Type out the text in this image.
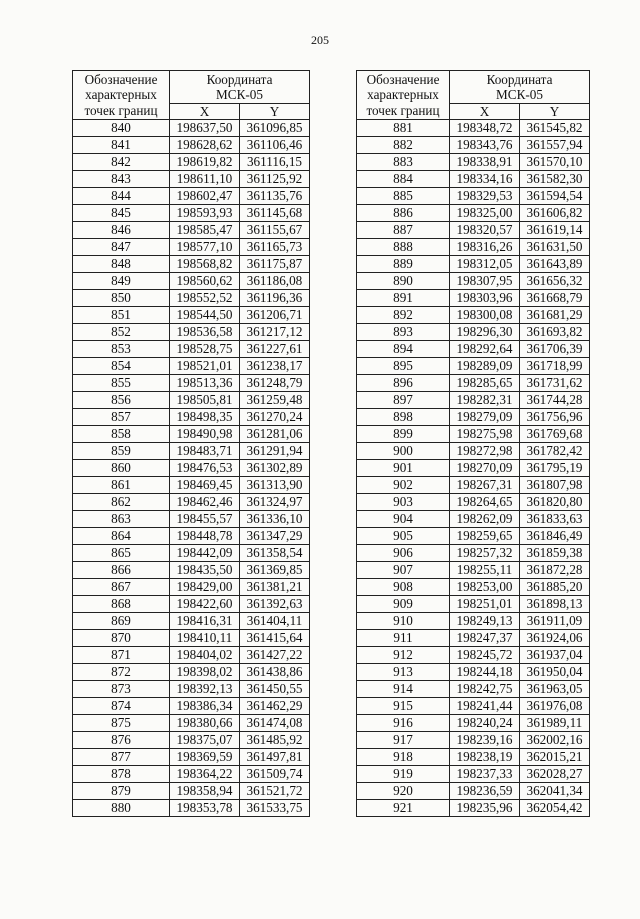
205
Обозначение
характерных
точек границ	Координата
МСК-05	
	X	Y
840	198637,50	361096,85
841	198628,62	361106,46
842	198619,82	361116,15
843	198611,10	361125,92
844	198602,47	361135,76
845	198593,93	361145,68
846	198585,47	361155,67
847	198577,10	361165,73
848	198568,82	361175,87
849	198560,62	361186,08
850	198552,52	361196,36
851	198544,50	361206,71
852	198536,58	361217,12
853	198528,75	361227,61
854	198521,01	361238,17
855	198513,36	361248,79
856	198505,81	361259,48
857	198498,35	361270,24
858	198490,98	361281,06
859	198483,71	361291,94
860	198476,53	361302,89
861	198469,45	361313,90
862	198462,46	361324,97
863	198455,57	361336,10
864	198448,78	361347,29
865	198442,09	361358,54
866	198435,50	361369,85
867	198429,00	361381,21
868	198422,60	361392,63
869	198416,31	361404,11
870	198410,11	361415,64
871	198404,02	361427,22
872	198398,02	361438,86
873	198392,13	361450,55
874	198386,34	361462,29
875	198380,66	361474,08
876	198375,07	361485,92
877	198369,59	361497,81
878	198364,22	361509,74
879	198358,94	361521,72
880	198353,78	361533,75
Обозначение
характерных
точек границ	Координата
МСК-05	
	X	Y
881	198348,72	361545,82
882	198343,76	361557,94
883	198338,91	361570,10
884	198334,16	361582,30
885	198329,53	361594,54
886	198325,00	361606,82
887	198320,57	361619,14
888	198316,26	361631,50
889	198312,05	361643,89
890	198307,95	361656,32
891	198303,96	361668,79
892	198300,08	361681,29
893	198296,30	361693,82
894	198292,64	361706,39
895	198289,09	361718,99
896	198285,65	361731,62
897	198282,31	361744,28
898	198279,09	361756,96
899	198275,98	361769,68
900	198272,98	361782,42
901	198270,09	361795,19
902	198267,31	361807,98
903	198264,65	361820,80
904	198262,09	361833,63
905	198259,65	361846,49
906	198257,32	361859,38
907	198255,11	361872,28
908	198253,00	361885,20
909	198251,01	361898,13
910	198249,13	361911,09
911	198247,37	361924,06
912	198245,72	361937,04
913	198244,18	361950,04
914	198242,75	361963,05
915	198241,44	361976,08
916	198240,24	361989,11
917	198239,16	362002,16
918	198238,19	362015,21
919	198237,33	362028,27
920	198236,59	362041,34
921	198235,96	362054,42
